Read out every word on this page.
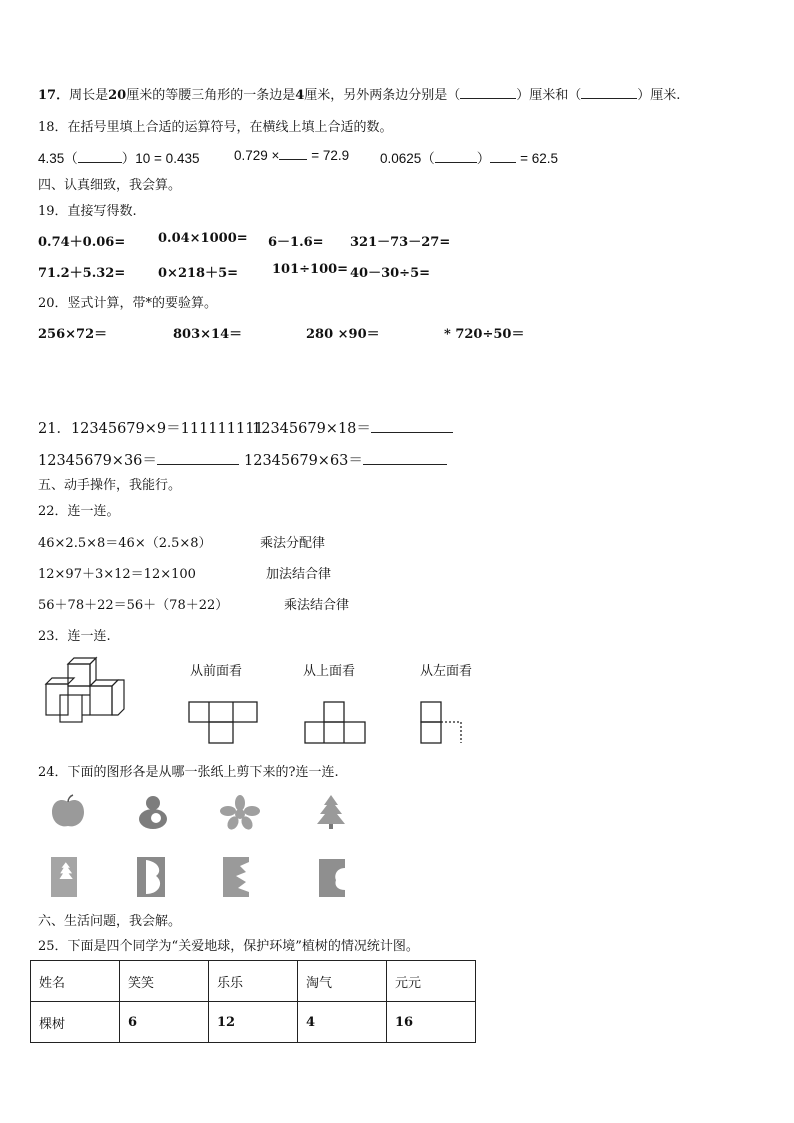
17．周长是20厘米的等腰三角形的一条边是4厘米，另外两条边分别是（	）厘米和（	）厘米.
18．在括号里填上合适的运算符号，在横线上填上合适的数。
4.35（	）10 = 0.435	0.729 × = 72.9 0.0625（	） = 62.5
四、认真细致，我会算。
19．直接写得数.
0.74＋0.06=	0.04×1000= 6－1.6= 321－73－27=
71.2＋5.32=	0×218＋5=	101÷100= 40－30÷5=
20．竖式计算，带*的要验算。
256×72＝	803×14＝	280 ×90＝	* 720÷50＝
21．12345679×9＝111111111
12345679×18＝
12345679×36＝	12345679×63＝
五、动手操作，我能行。
22．连一连。
46×2.5×8＝46×（2.5×8）
12×97＋3×12＝12×100
56＋78＋22＝56＋（78＋22）
乘法分配律
加法结合律
乘法结合律
23．连一连.
从前面看	从上面看	从左面看
24．下面的图形各是从哪一张纸上剪下来的?连一连.
六、生活问题，我会解。
25．下面是四个同学为“关爱地球，保护环境”植树的情况统计图。
姓名	笑笑	乐乐	淘气	元元
棵树	6	12	4	16
